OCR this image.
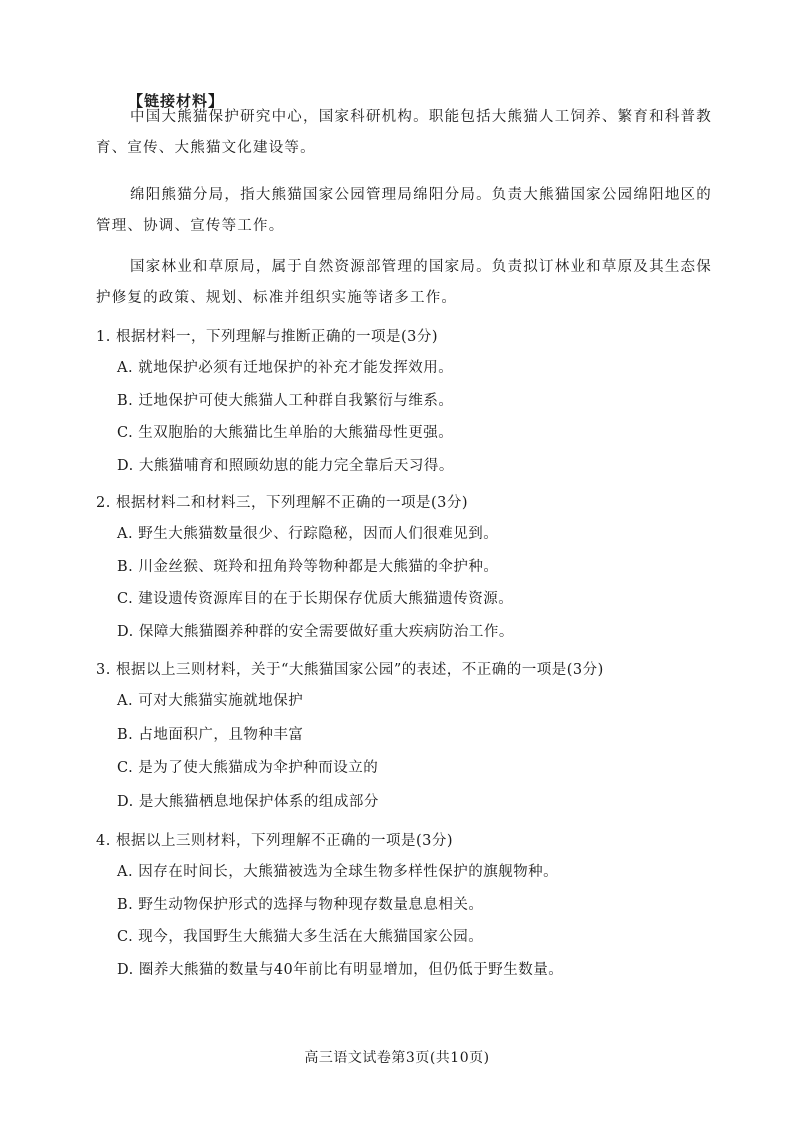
【链接材料】

中国大熊猫保护研究中心，国家科研机构。职能包括大熊猫人工饲养、繁育和科普教育、宣传、大熊猫文化建设等。

绵阳熊猫分局，指大熊猫国家公园管理局绵阳分局。负责大熊猫国家公园绵阳地区的管理、协调、宣传等工作。

国家林业和草原局，属于自然资源部管理的国家局。负责拟订林业和草原及其生态保护修复的政策、规划、标准并组织实施等诸多工作。

1. 根据材料一，下列理解与推断正确的一项是(3分)
A. 就地保护必须有迁地保护的补充才能发挥效用。
B. 迁地保护可使大熊猫人工种群自我繁衍与维系。
C. 生双胞胎的大熊猫比生单胎的大熊猫母性更强。
D. 大熊猫哺育和照顾幼崽的能力完全靠后天习得。
2. 根据材料二和材料三，下列理解不正确的一项是(3分)
A. 野生大熊猫数量很少、行踪隐秘，因而人们很难见到。
B. 川金丝猴、斑羚和扭角羚等物种都是大熊猫的伞护种。
C. 建设遗传资源库目的在于长期保存优质大熊猫遗传资源。
D. 保障大熊猫圈养种群的安全需要做好重大疾病防治工作。
3. 根据以上三则材料，关于“大熊猫国家公园”的表述，不正确的一项是(3分)
A. 可对大熊猫实施就地保护
B. 占地面积广，且物种丰富
C. 是为了使大熊猫成为伞护种而设立的
D. 是大熊猫栖息地保护体系的组成部分
4. 根据以上三则材料，下列理解不正确的一项是(3分)
A. 因存在时间长，大熊猫被选为全球生物多样性保护的旗舰物种。
B. 野生动物保护形式的选择与物种现存数量息息相关。
C. 现今，我国野生大熊猫大多生活在大熊猫国家公园。
D. 圈养大熊猫的数量与40年前比有明显增加，但仍低于野生数量。
高三语文试卷第3页(共10页)
